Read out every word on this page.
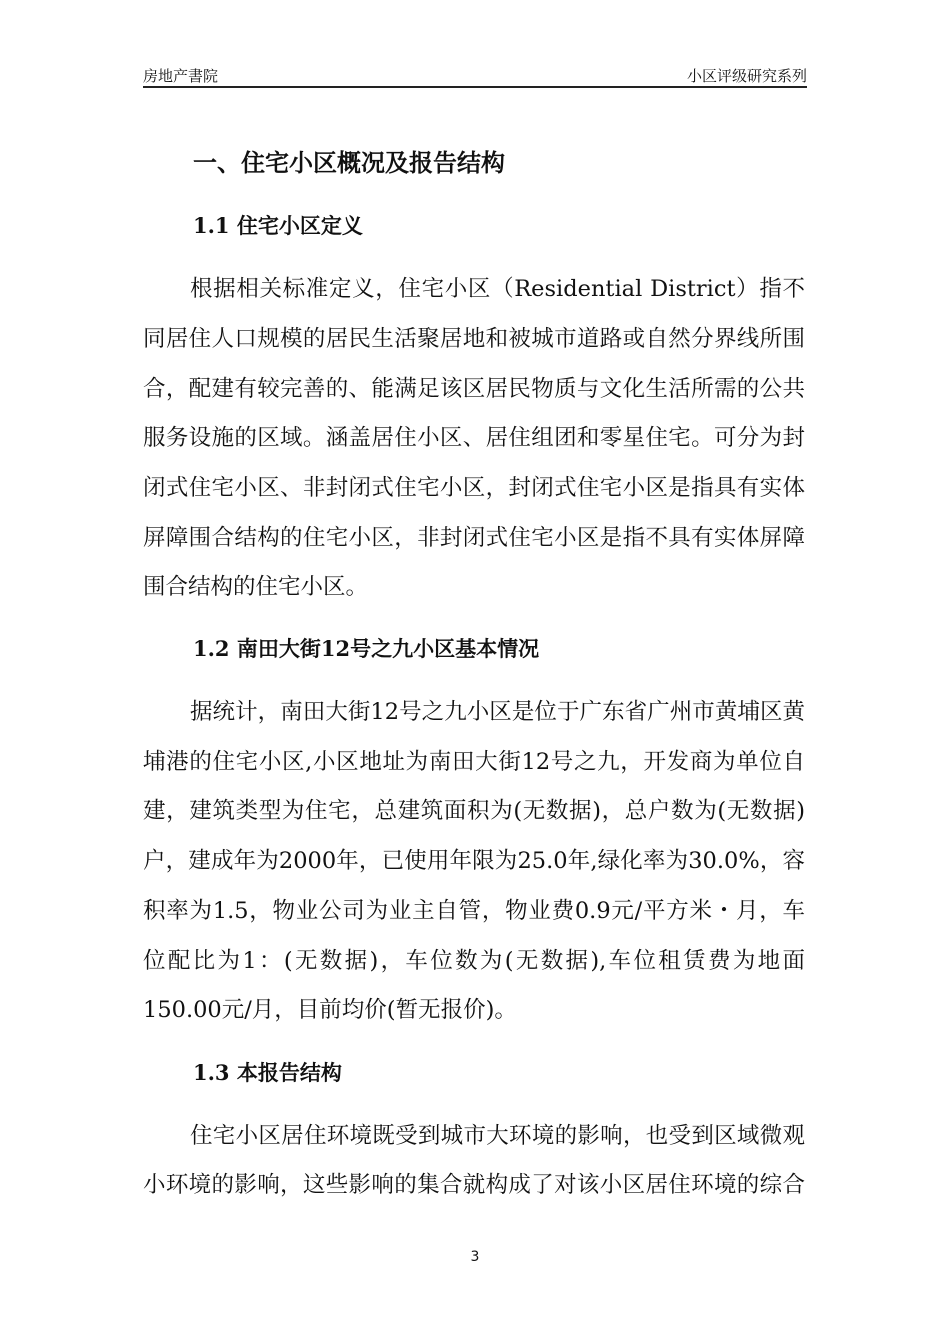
房地产書院	小区评级研究系列
一、住宅小区概况及报告结构
1.1 住宅小区定义
根据相关标准定义，住宅小区（Residential District）指不
同居住人口规模的居民生活聚居地和被城市道路或自然分界线所围
合，配建有较完善的、能满足该区居民物质与文化生活所需的公共
服务设施的区域。涵盖居住小区、居住组团和零星住宅。可分为封
闭式住宅小区、非封闭式住宅小区，封闭式住宅小区是指具有实体
屏障围合结构的住宅小区，非封闭式住宅小区是指不具有实体屏障
围合结构的住宅小区。
1.2 南田大街12号之九小区基本情况
据统计，南田大街12号之九小区是位于广东省广州市黄埔区黄
埔港的住宅小区,小区地址为南田大街12号之九，开发商为单位自
建，建筑类型为住宅，总建筑面积为(无数据)，总户数为(无数据)
户，建成年为2000年，已使用年限为25.0年,绿化率为30.0%，容
积率为1.5，物业公司为业主自管，物业费0.9元/平方米・月，车
位配比为1：(无数据)，车位数为(无数据),车位租赁费为地面
150.00元/月，目前均价(暂无报价)。
1.3 本报告结构
住宅小区居住环境既受到城市大环境的影响，也受到区域微观
小环境的影响，这些影响的集合就构成了对该小区居住环境的综合
3
